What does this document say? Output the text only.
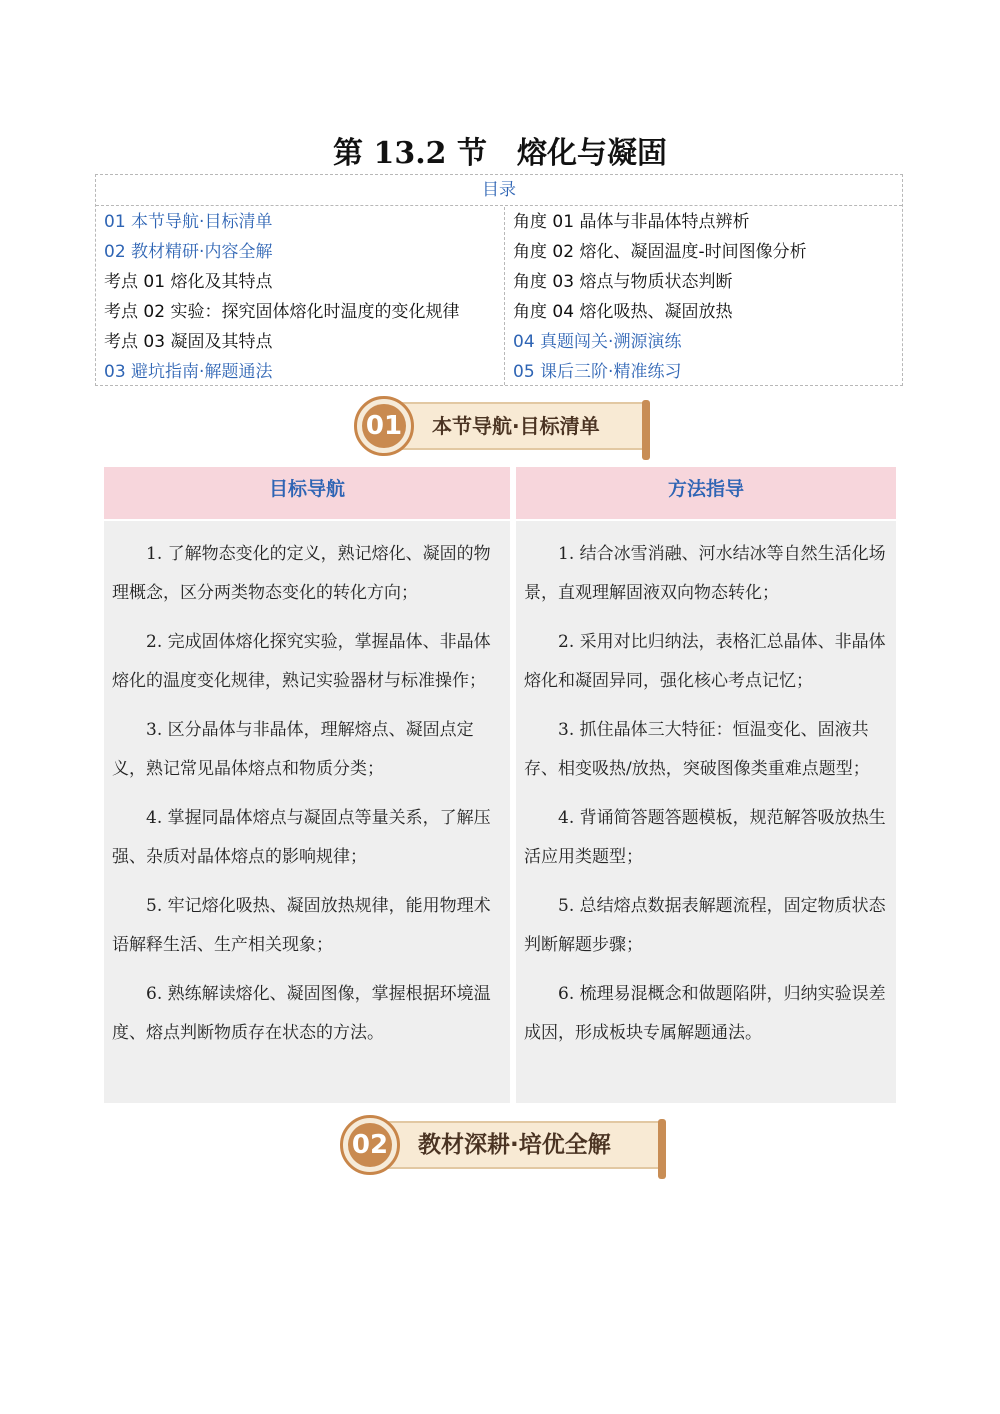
第 13.2 节　熔化与凝固
目录
01 本节导航·目标清单
02 教材精研·内容全解
考点 01 熔化及其特点
考点 02 实验：探究固体熔化时温度的变化规律
考点 03 凝固及其特点
03 避坑指南·解题通法
角度 01 晶体与非晶体特点辨析
角度 02 熔化、凝固温度-时间图像分析
角度 03 熔点与物质状态判断
角度 04 熔化吸热、凝固放热
04 真题闯关·溯源演练
05 课后三阶·精准练习
本节导航·目标清单
01
目标导航	方法指导

1. 了解物态变化的定义，熟记熔化、凝固的物理概念，区分两类物态变化的转化方向；

2. 完成固体熔化探究实验，掌握晶体、非晶体熔化的温度变化规律，熟记实验器材与标准操作；

3. 区分晶体与非晶体，理解熔点、凝固点定义，熟记常见晶体熔点和物质分类；

4. 掌握同晶体熔点与凝固点等量关系，了解压强、杂质对晶体熔点的影响规律；

5. 牢记熔化吸热、凝固放热规律，能用物理术语解释生活、生产相关现象；

6. 熟练解读熔化、凝固图像，掌握根据环境温度、熔点判断物质存在状态的方法。

1. 结合冰雪消融、河水结冰等自然生活化场景，直观理解固液双向物态转化；

2. 采用对比归纳法，表格汇总晶体、非晶体熔化和凝固异同，强化核心考点记忆；

3. 抓住晶体三大特征：恒温变化、固液共存、相变吸热/放热，突破图像类重难点题型；

4. 背诵简答题答题模板，规范解答吸放热生活应用类题型；

5. 总结熔点数据表解题流程，固定物质状态判断解题步骤；

6. 梳理易混概念和做题陷阱，归纳实验误差成因，形成板块专属解题通法。

教材深耕·培优全解
02
